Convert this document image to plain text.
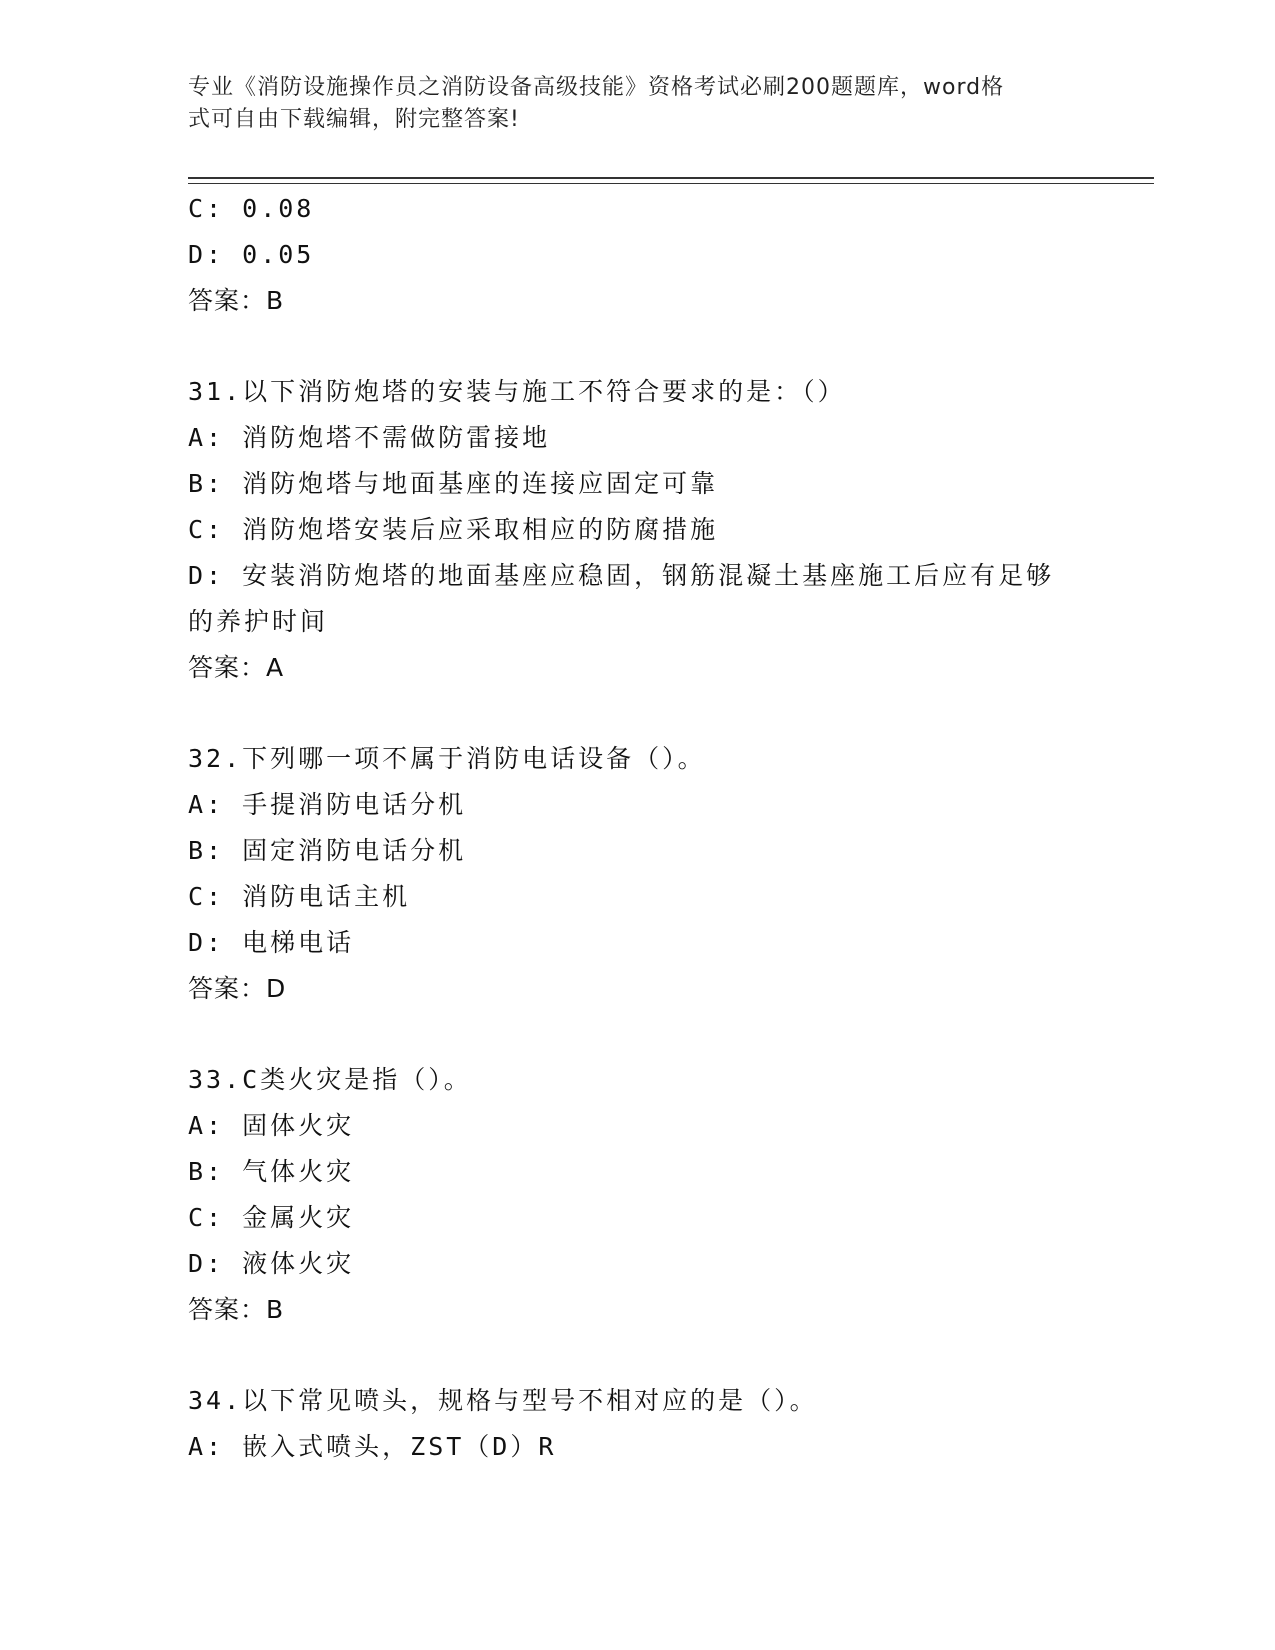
专业《消防设施操作员之消防设备高级技能》资格考试必刷200题题库，word格
式可自由下载编辑，附完整答案!
C: 0.08
D: 0.05
答案：B
31.以下消防炮塔的安装与施工不符合要求的是：（）
A: 消防炮塔不需做防雷接地
B: 消防炮塔与地面基座的连接应固定可靠
C: 消防炮塔安装后应采取相应的防腐措施
D: 安装消防炮塔的地面基座应稳固，钢筋混凝土基座施工后应有足够
的养护时间
答案：A
32.下列哪一项不属于消防电话设备（）。
A: 手提消防电话分机
B: 固定消防电话分机
C: 消防电话主机
D: 电梯电话
答案：D
33.C类火灾是指（）。
A: 固体火灾
B: 气体火灾
C: 金属火灾
D: 液体火灾
答案：B
34.以下常见喷头，规格与型号不相对应的是（）。
A: 嵌入式喷头，ZST（D）R
